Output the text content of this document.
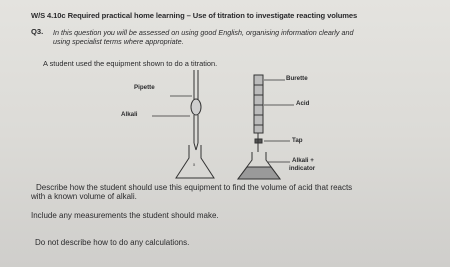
W/S 4.10c Required practical home learning – Use of titration to investigate reacting volumes
Q3. In this question you will be assessed on using good English, organising information clearly and
using specialist terms where appropriate.
A student used the equipment shown to do a titration.
δ
Pipette
Burette
Alkali
Acid
Tap
Alkali +
indicator
Describe how the student should use this equipment to find the volume of acid that reacts
with a known volume of alkali.
Include any measurements the student should make.
Do not describe how to do any calculations.
